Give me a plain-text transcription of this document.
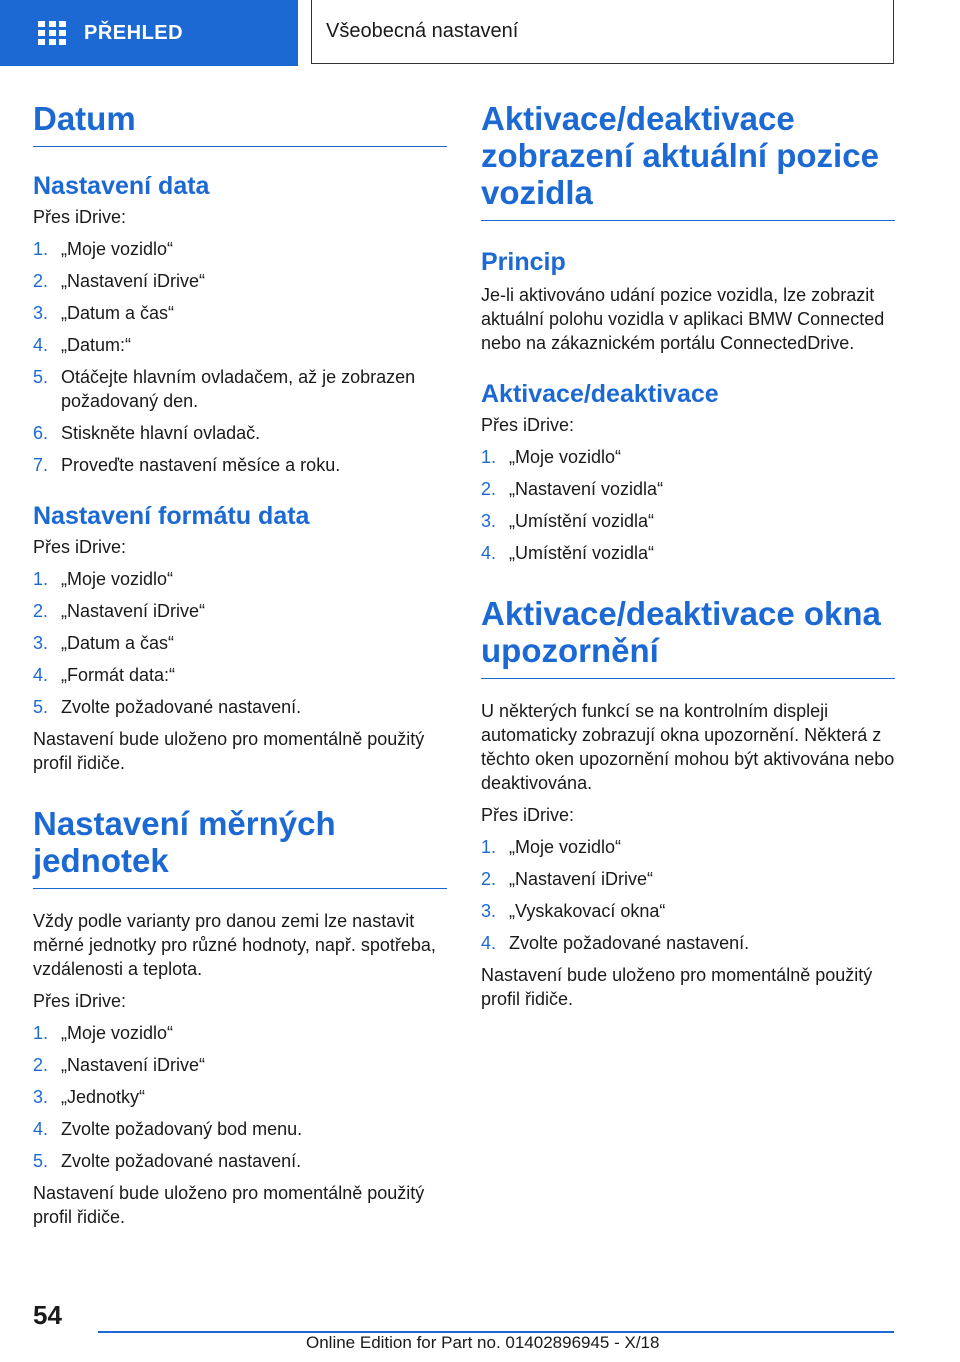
PŘEHLED	Všeobecná nastavení
Datum
Nastavení data

Přes iDrive:

1. „Moje vozidlo“
2. „Nastavení iDrive“
3. „Datum a čas“
4. „Datum:“
5. Otáčejte hlavním ovladačem, až je zobrazen požadovaný den.
6. Stiskněte hlavní ovladač.
7. Proveďte nastavení měsíce a roku.
Nastavení formátu data

Přes iDrive:

1. „Moje vozidlo“
2. „Nastavení iDrive“
3. „Datum a čas“
4. „Formát data:“
5. Zvolte požadované nastavení.

Nastavení bude uloženo pro momentálně použitý profil řidiče.

Nastavení měrných jednotek

Vždy podle varianty pro danou zemi lze nastavit měrné jednotky pro různé hodnoty, např. spotřeba, vzdálenosti a teplota.

Přes iDrive:

1. „Moje vozidlo“
2. „Nastavení iDrive“
3. „Jednotky“
4. Zvolte požadovaný bod menu.
5. Zvolte požadované nastavení.

Nastavení bude uloženo pro momentálně použitý profil řidiče.

Aktivace/deaktivace zobrazení aktuální pozice vozidla
Princip

Je-li aktivováno udání pozice vozidla, lze zobrazit aktuální polohu vozidla v aplikaci BMW Connected nebo na zákaznickém portálu ConnectedDrive.

Aktivace/deaktivace

Přes iDrive:

1. „Moje vozidlo“
2. „Nastavení vozidla“
3. „Umístění vozidla“
4. „Umístění vozidla“
Aktivace/deaktivace okna upozornění

U některých funkcí se na kontrolním displeji automaticky zobrazují okna upozornění. Některá z těchto oken upozornění mohou být aktivována nebo deaktivována.

Přes iDrive:

1. „Moje vozidlo“
2. „Nastavení iDrive“
3. „Vyskakovací okna“
4. Zvolte požadované nastavení.

Nastavení bude uloženo pro momentálně použitý profil řidiče.

54
Online Edition for Part no. 01402896945 - X/18
